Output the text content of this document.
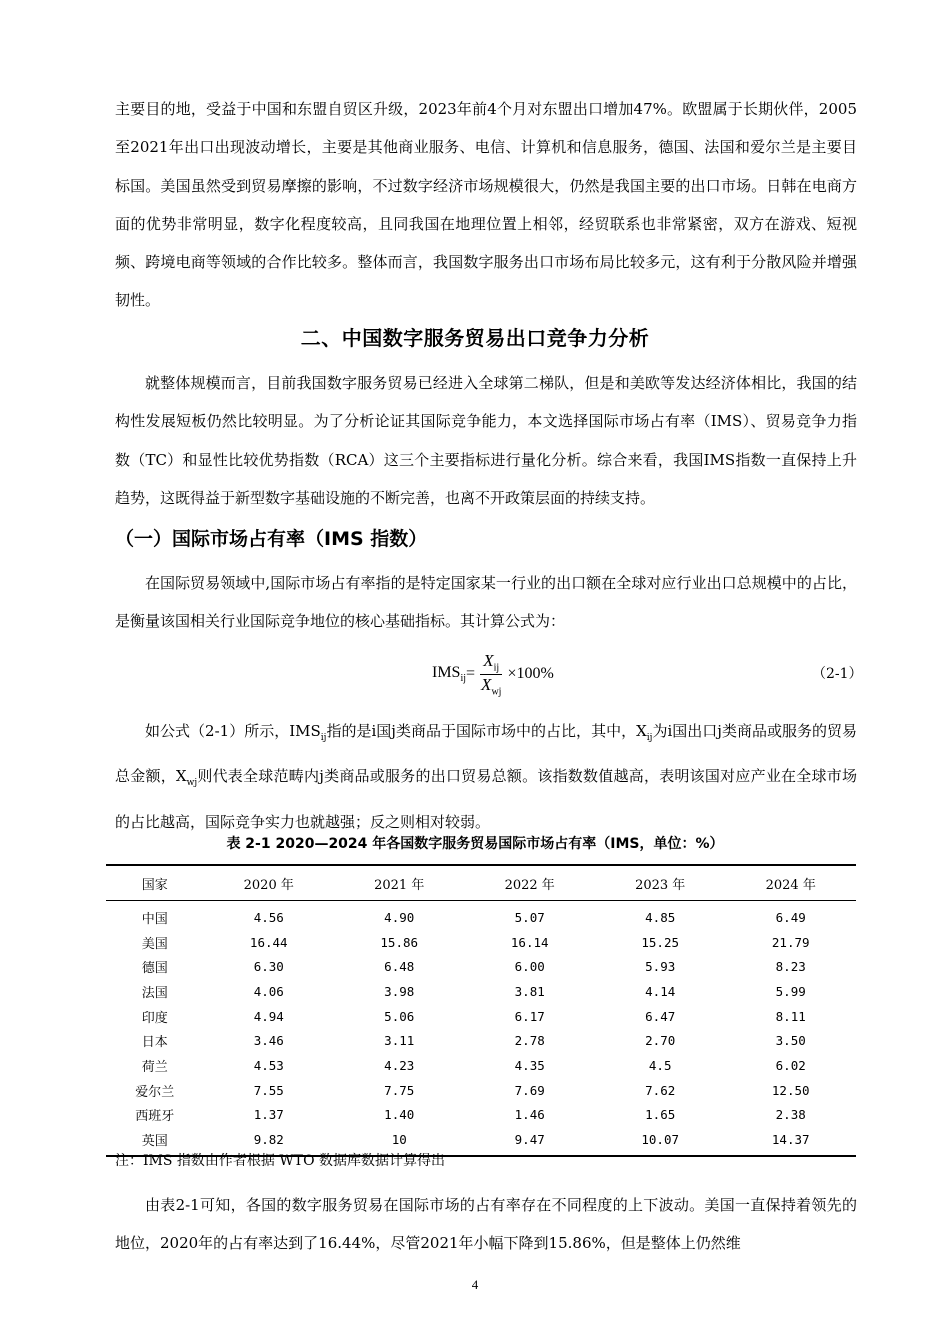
主要目的地，受益于中国和东盟自贸区升级，2023年前4个月对东盟出口增加47%。欧盟属于长期伙伴，2005至2021年出口出现波动增长，主要是其他商业服务、电信、计算机和信息服务，德国、法国和爱尔兰是主要目标国。美国虽然受到贸易摩擦的影响，不过数字经济市场规模很大，仍然是我国主要的出口市场。日韩在电商方面的优势非常明显，数字化程度较高，且同我国在地理位置上相邻，经贸联系也非常紧密，双方在游戏、短视频、跨境电商等领域的合作比较多。整体而言，我国数字服务出口市场布局比较多元，这有利于分散风险并增强韧性。

二、中国数字服务贸易出口竞争力分析

就整体规模而言，目前我国数字服务贸易已经进入全球第二梯队，但是和美欧等发达经济体相比，我国的结构性发展短板仍然比较明显。为了分析论证其国际竞争能力，本文选择国际市场占有率（IMS）、贸易竞争力指数（TC）和显性比较优势指数（RCA）这三个主要指标进行量化分析。综合来看，我国IMS指数一直保持上升趋势，这既得益于新型数字基础设施的不断完善，也离不开政策层面的持续支持。

（一）国际市场占有率（IMS 指数）

在国际贸易领域中,国际市场占有率指的是特定国家某一行业的出口额在全球对应行业出口总规模中的占比，是衡量该国相关行业国际竞争地位的核心基础指标。其计算公式为：

$IMS_{ij} = \frac{X_{ij}}{X_{wj}} \times 100\%$	（2-1）

如公式（2-1）所示，$IMS_{ij}$指的是i国j类商品于国际市场中的占比，其中，$X_{ij}$为i国出口j类商品或服务的贸易总金额，$X_{wj}$则代表全球范畴内j类商品或服务的出口贸易总额。该指数数值越高，表明该国对应产业在全球市场的占比越高，国际竞争实力也就越强；反之则相对较弱。

表 2-1 2020—2024 年各国数字服务贸易国际市场占有率（IMS，单位：%）

国家	2020 年	2021 年	2022 年	2023 年	2024 年
中国	4.56	4.90	5.07	4.85	6.49
美国	16.44	15.86	16.14	15.25	21.79
德国	6.30	6.48	6.00	5.93	8.23
法国	4.06	3.98	3.81	4.14	5.99
印度	4.94	5.06	6.17	6.47	8.11
日本	3.46	3.11	2.78	2.70	3.50
荷兰	4.53	4.23	4.35	4.5	6.02
爱尔兰	7.55	7.75	7.69	7.62	12.50
西班牙	1.37	1.40	1.46	1.65	2.38
英国	9.82	10	9.47	10.07	14.37

注：IMS 指数由作者根据 WTO 数据库数据计算得出

由表2-1可知，各国的数字服务贸易在国际市场的占有率存在不同程度的上下波动。美国一直保持着领先的地位，2020年的占有率达到了16.44%，尽管2021年小幅下降到15.86%，但是整体上仍然维

4
